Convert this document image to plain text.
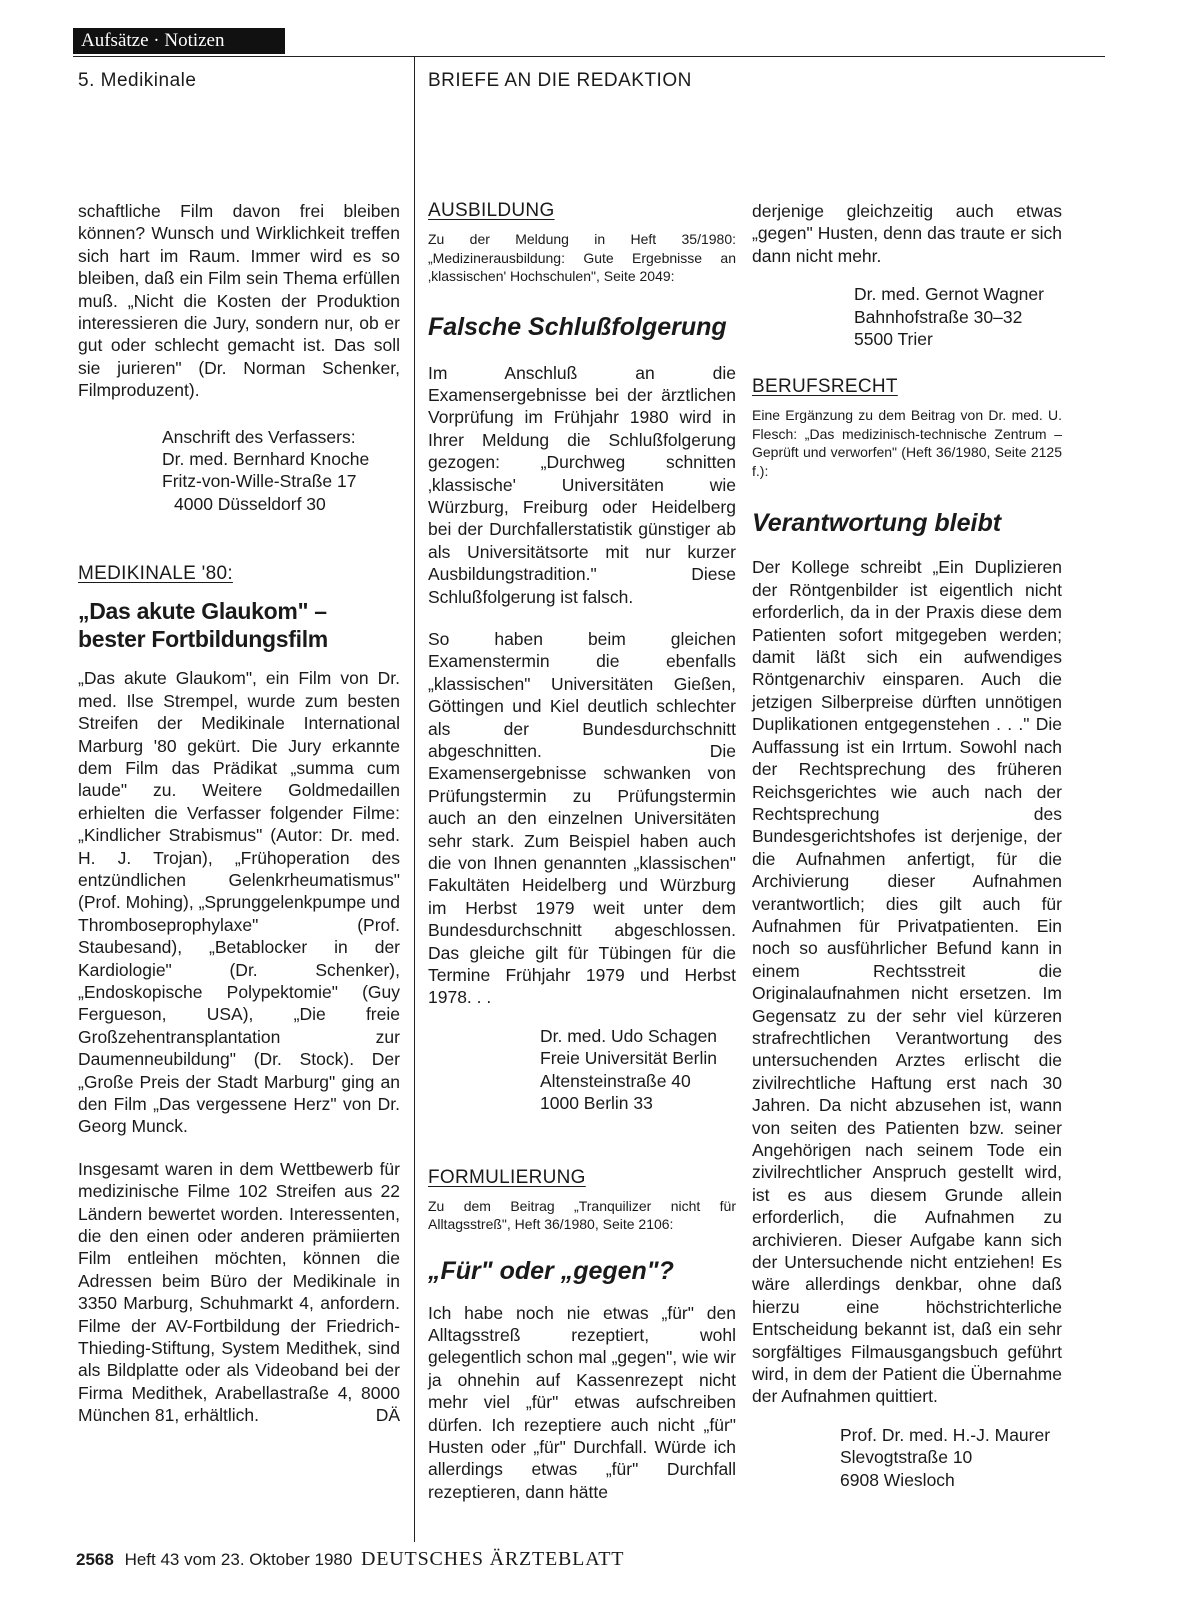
Aufsätze · Notizen
5. Medikinale	BRIEFE AN DIE REDAKTION
schaftliche Film davon frei bleiben können? Wunsch und Wirklichkeit treffen sich hart im Raum. Immer wird es so bleiben, daß ein Film sein Thema erfüllen muß. „Nicht die Kosten der Produktion interessieren die Jury, sondern nur, ob er gut oder schlecht gemacht ist. Das soll sie jurieren" (Dr. Norman Schenker, Filmproduzent).
Anschrift des Verfassers:
Dr. med. Bernhard Knoche
Fritz-von-Wille-Straße 17
4000 Düsseldorf 30
MEDIKINALE '80:
„Das akute Glaukom" –
bester Fortbildungsfilm
„Das akute Glaukom", ein Film von Dr. med. Ilse Strempel, wurde zum besten Streifen der Medikinale International Marburg '80 gekürt. Die Jury erkannte dem Film das Prädikat „summa cum laude" zu. Weitere Goldmedaillen erhielten die Verfasser folgender Filme: „Kindlicher Strabismus" (Autor: Dr. med. H. J. Trojan), „Frühoperation des entzündlichen Gelenkrheumatismus" (Prof. Mohing), „Sprunggelenkpumpe und Thromboseprophylaxe" (Prof. Staubesand), „Betablocker in der Kardiologie" (Dr. Schenker), „Endoskopische Polypektomie" (Guy Fergueson, USA), „Die freie Großzehentransplantation zur Daumenneubildung" (Dr. Stock). Der „Große Preis der Stadt Marburg" ging an den Film „Das vergessene Herz" von Dr. Georg Munck.
Insgesamt waren in dem Wettbewerb für medizinische Filme 102 Streifen aus 22 Ländern bewertet worden. Interessenten, die den einen oder anderen prämiierten Film entleihen möchten, können die Adressen beim Büro der Medikinale in 3350 Marburg, Schuhmarkt 4, anfordern. Filme der AV-Fortbildung der Friedrich-Thieding-Stiftung, System Medithek, sind als Bildplatte oder als Videoband bei der Firma Medithek, Arabellastraße 4, 8000 München 81, erhältlich.	DÄ
AUSBILDUNG
Zu der Meldung in Heft 35/1980: „Medizinerausbildung: Gute Ergebnisse an ‚klassischen' Hochschulen", Seite 2049:
Falsche Schlußfolgerung
Im Anschluß an die Examensergebnisse bei der ärztlichen Vorprüfung im Frühjahr 1980 wird in Ihrer Meldung die Schlußfolgerung gezogen: „Durchweg schnitten ‚klassische' Universitäten wie Würzburg, Freiburg oder Heidelberg bei der Durchfallerstatistik günstiger ab als Universitätsorte mit nur kurzer Ausbildungstradition." Diese Schlußfolgerung ist falsch.
So haben beim gleichen Examenstermin die ebenfalls „klassischen" Universitäten Gießen, Göttingen und Kiel deutlich schlechter als der Bundesdurchschnitt abgeschnitten. Die Examensergebnisse schwanken von Prüfungstermin zu Prüfungstermin auch an den einzelnen Universitäten sehr stark. Zum Beispiel haben auch die von Ihnen genannten „klassischen" Fakultäten Heidelberg und Würzburg im Herbst 1979 weit unter dem Bundesdurchschnitt abgeschlossen. Das gleiche gilt für Tübingen für die Termine Frühjahr 1979 und Herbst 1978. . .
Dr. med. Udo Schagen
Freie Universität Berlin
Altensteinstraße 40
1000 Berlin 33
FORMULIERUNG
Zu dem Beitrag „Tranquilizer nicht für Alltagsstreß", Heft 36/1980, Seite 2106:
„Für" oder „gegen"?
Ich habe noch nie etwas „für" den Alltagsstreß rezeptiert, wohl gelegentlich schon mal „gegen", wie wir ja ohnehin auf Kassenrezept nicht mehr viel „für" etwas aufschreiben dürfen. Ich rezeptiere auch nicht „für" Husten oder „für" Durchfall. Würde ich allerdings etwas „für" Durchfall rezeptieren, dann hätte
derjenige gleichzeitig auch etwas „gegen" Husten, denn das traute er sich dann nicht mehr.
Dr. med. Gernot Wagner
Bahnhofstraße 30–32
5500 Trier
BERUFSRECHT
Eine Ergänzung zu dem Beitrag von Dr. med. U. Flesch: „Das medizinisch-technische Zentrum – Geprüft und verworfen" (Heft 36/1980, Seite 2125 f.):
Verantwortung bleibt
Der Kollege schreibt „Ein Duplizieren der Röntgenbilder ist eigentlich nicht erforderlich, da in der Praxis diese dem Patienten sofort mitgegeben werden; damit läßt sich ein aufwendiges Röntgenarchiv einsparen. Auch die jetzigen Silberpreise dürften unnötigen Duplikationen entgegenstehen . . ." Die Auffassung ist ein Irrtum. Sowohl nach der Rechtsprechung des früheren Reichsgerichtes wie auch nach der Rechtsprechung des Bundesgerichtshofes ist derjenige, der die Aufnahmen anfertigt, für die Archivierung dieser Aufnahmen verantwortlich; dies gilt auch für Aufnahmen für Privatpatienten. Ein noch so ausführlicher Befund kann in einem Rechtsstreit die Originalaufnahmen nicht ersetzen. Im Gegensatz zu der sehr viel kürzeren strafrechtlichen Verantwortung des untersuchenden Arztes erlischt die zivilrechtliche Haftung erst nach 30 Jahren. Da nicht abzusehen ist, wann von seiten des Patienten bzw. seiner Angehörigen nach seinem Tode ein zivilrechtlicher Anspruch gestellt wird, ist es aus diesem Grunde allein erforderlich, die Aufnahmen zu archivieren. Dieser Aufgabe kann sich der Untersuchende nicht entziehen! Es wäre allerdings denkbar, ohne daß hierzu eine höchstrichterliche Entscheidung bekannt ist, daß ein sehr sorgfältiges Filmausgangsbuch geführt wird, in dem der Patient die Übernahme der Aufnahmen quittiert.
Prof. Dr. med. H.-J. Maurer
Slevogtstraße 10
6908 Wiesloch
2568 Heft 43 vom 23. Oktober 1980 DEUTSCHES ÄRZTEBLATT
